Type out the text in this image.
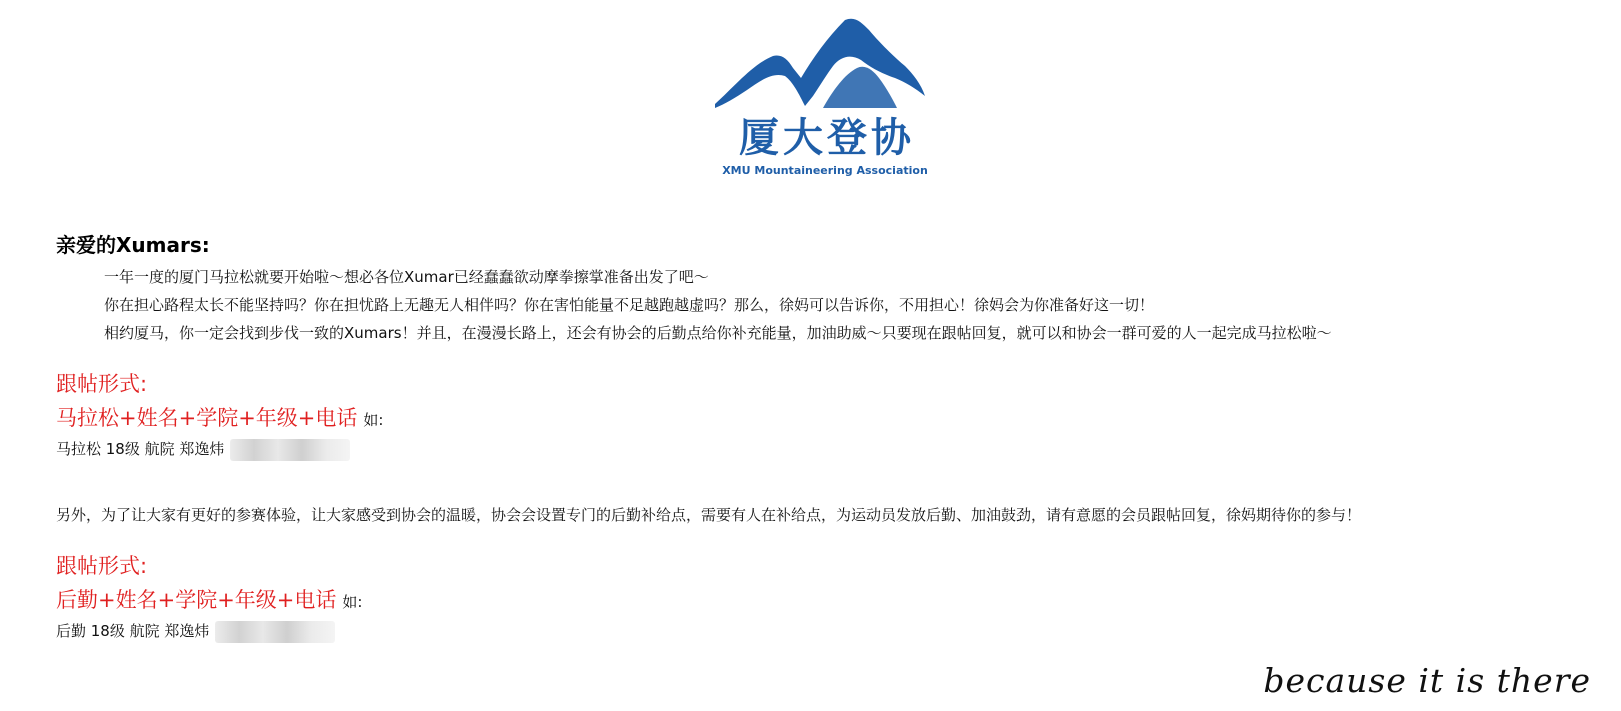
厦大登协
XMU Mountaineering Association
亲爱的Xumars:
一年一度的厦门马拉松就要开始啦～想必各位Xumar已经蠢蠢欲动摩拳擦掌准备出发了吧～
你在担心路程太长不能坚持吗？你在担忧路上无趣无人相伴吗？你在害怕能量不足越跑越虚吗？那么，徐妈可以告诉你，不用担心！徐妈会为你准备好这一切！
相约厦马，你一定会找到步伐一致的Xumars！并且，在漫漫长路上，还会有协会的后勤点给你补充能量，加油助威～只要现在跟帖回复，就可以和协会一群可爱的人一起完成马拉松啦～
跟帖形式:
马拉松+姓名+学院+年级+电话 如:
马拉松 18级 航院 郑逸炜
另外，为了让大家有更好的参赛体验，让大家感受到协会的温暖，协会会设置专门的后勤补给点，需要有人在补给点，为运动员发放后勤、加油鼓劲，请有意愿的会员跟帖回复，徐妈期待你的参与！
跟帖形式:
后勤+姓名+学院+年级+电话 如:
后勤 18级 航院 郑逸炜
because it is there
